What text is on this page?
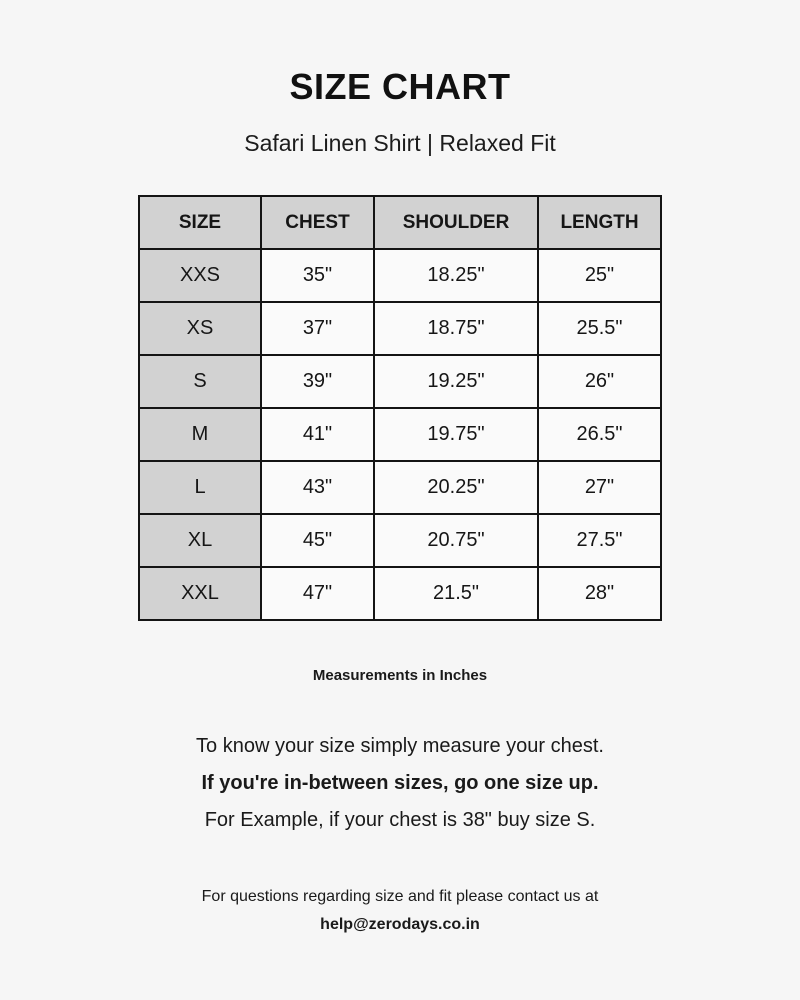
SIZE CHART
Safari Linen Shirt | Relaxed Fit
SIZE	CHEST	SHOULDER	LENGTH
XXS	35"	18.25"	25"
XS	37"	18.75"	25.5"
S	39"	19.25"	26"
M	41"	19.75"	26.5"
L	43"	20.25"	27"
XL	45"	20.75"	27.5"
XXL	47"	21.5"	28"
Measurements in Inches
To know your size simply measure your chest.
If you're in-between sizes, go one size up.
For Example, if your chest is 38" buy size S.
For questions regarding size and fit please contact us at
help@zerodays.co.in
